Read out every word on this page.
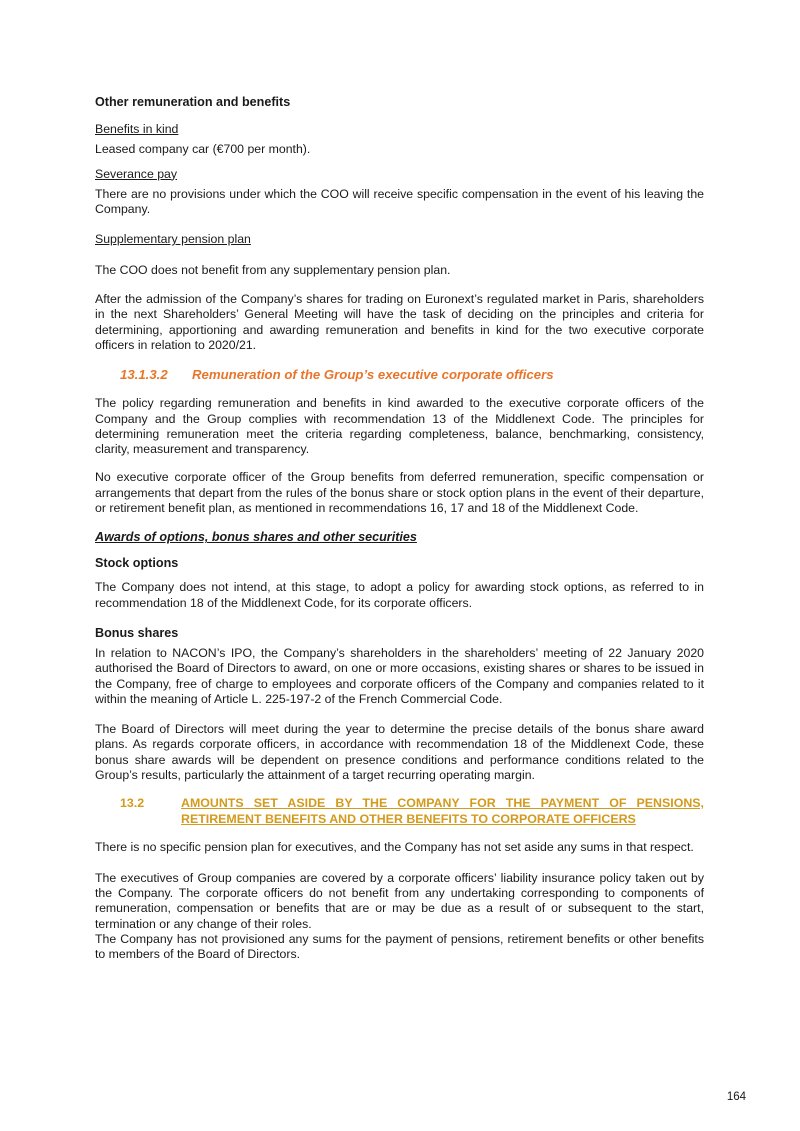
Other remuneration and benefits

Benefits in kind

Leased company car (€700 per month).

Severance pay

There are no provisions under which the COO will receive specific compensation in the event of his leaving the Company.

Supplementary pension plan

The COO does not benefit from any supplementary pension plan.

After the admission of the Company’s shares for trading on Euronext’s regulated market in Paris, shareholders in the next Shareholders’ General Meeting will have the task of deciding on the principles and criteria for determining, apportioning and awarding remuneration and benefits in kind for the two executive corporate officers in relation to 2020/21.

13.1.3.2 Remuneration of the Group’s executive corporate officers

The policy regarding remuneration and benefits in kind awarded to the executive corporate officers of the Company and the Group complies with recommendation 13 of the Middlenext Code. The principles for determining remuneration meet the criteria regarding completeness, balance, benchmarking, consistency, clarity, measurement and transparency.

No executive corporate officer of the Group benefits from deferred remuneration, specific compensation or arrangements that depart from the rules of the bonus share or stock option plans in the event of their departure, or retirement benefit plan, as mentioned in recommendations 16, 17 and 18 of the Middlenext Code.

Awards of options, bonus shares and other securities

Stock options

The Company does not intend, at this stage, to adopt a policy for awarding stock options, as referred to in recommendation 18 of the Middlenext Code, for its corporate officers.

Bonus shares

In relation to NACON’s IPO, the Company’s shareholders in the shareholders’ meeting of 22 January 2020 authorised the Board of Directors to award, on one or more occasions, existing shares or shares to be issued in the Company, free of charge to employees and corporate officers of the Company and companies related to it within the meaning of Article L. 225-197-2 of the French Commercial Code.

The Board of Directors will meet during the year to determine the precise details of the bonus share award plans. As regards corporate officers, in accordance with recommendation 18 of the Middlenext Code, these bonus share awards will be dependent on presence conditions and performance conditions related to the Group’s results, particularly the attainment of a target recurring operating margin.

13.2	AMOUNTS SET ASIDE BY THE COMPANY FOR THE PAYMENT OF PENSIONS, RETIREMENT BENEFITS AND OTHER BENEFITS TO CORPORATE OFFICERS

There is no specific pension plan for executives, and the Company has not set aside any sums in that respect.

The executives of Group companies are covered by a corporate officers’ liability insurance policy taken out by the Company. The corporate officers do not benefit from any undertaking corresponding to components of remuneration, compensation or benefits that are or may be due as a result of or subsequent to the start, termination or any change of their roles.

The Company has not provisioned any sums for the payment of pensions, retirement benefits or other benefits to members of the Board of Directors.

164
